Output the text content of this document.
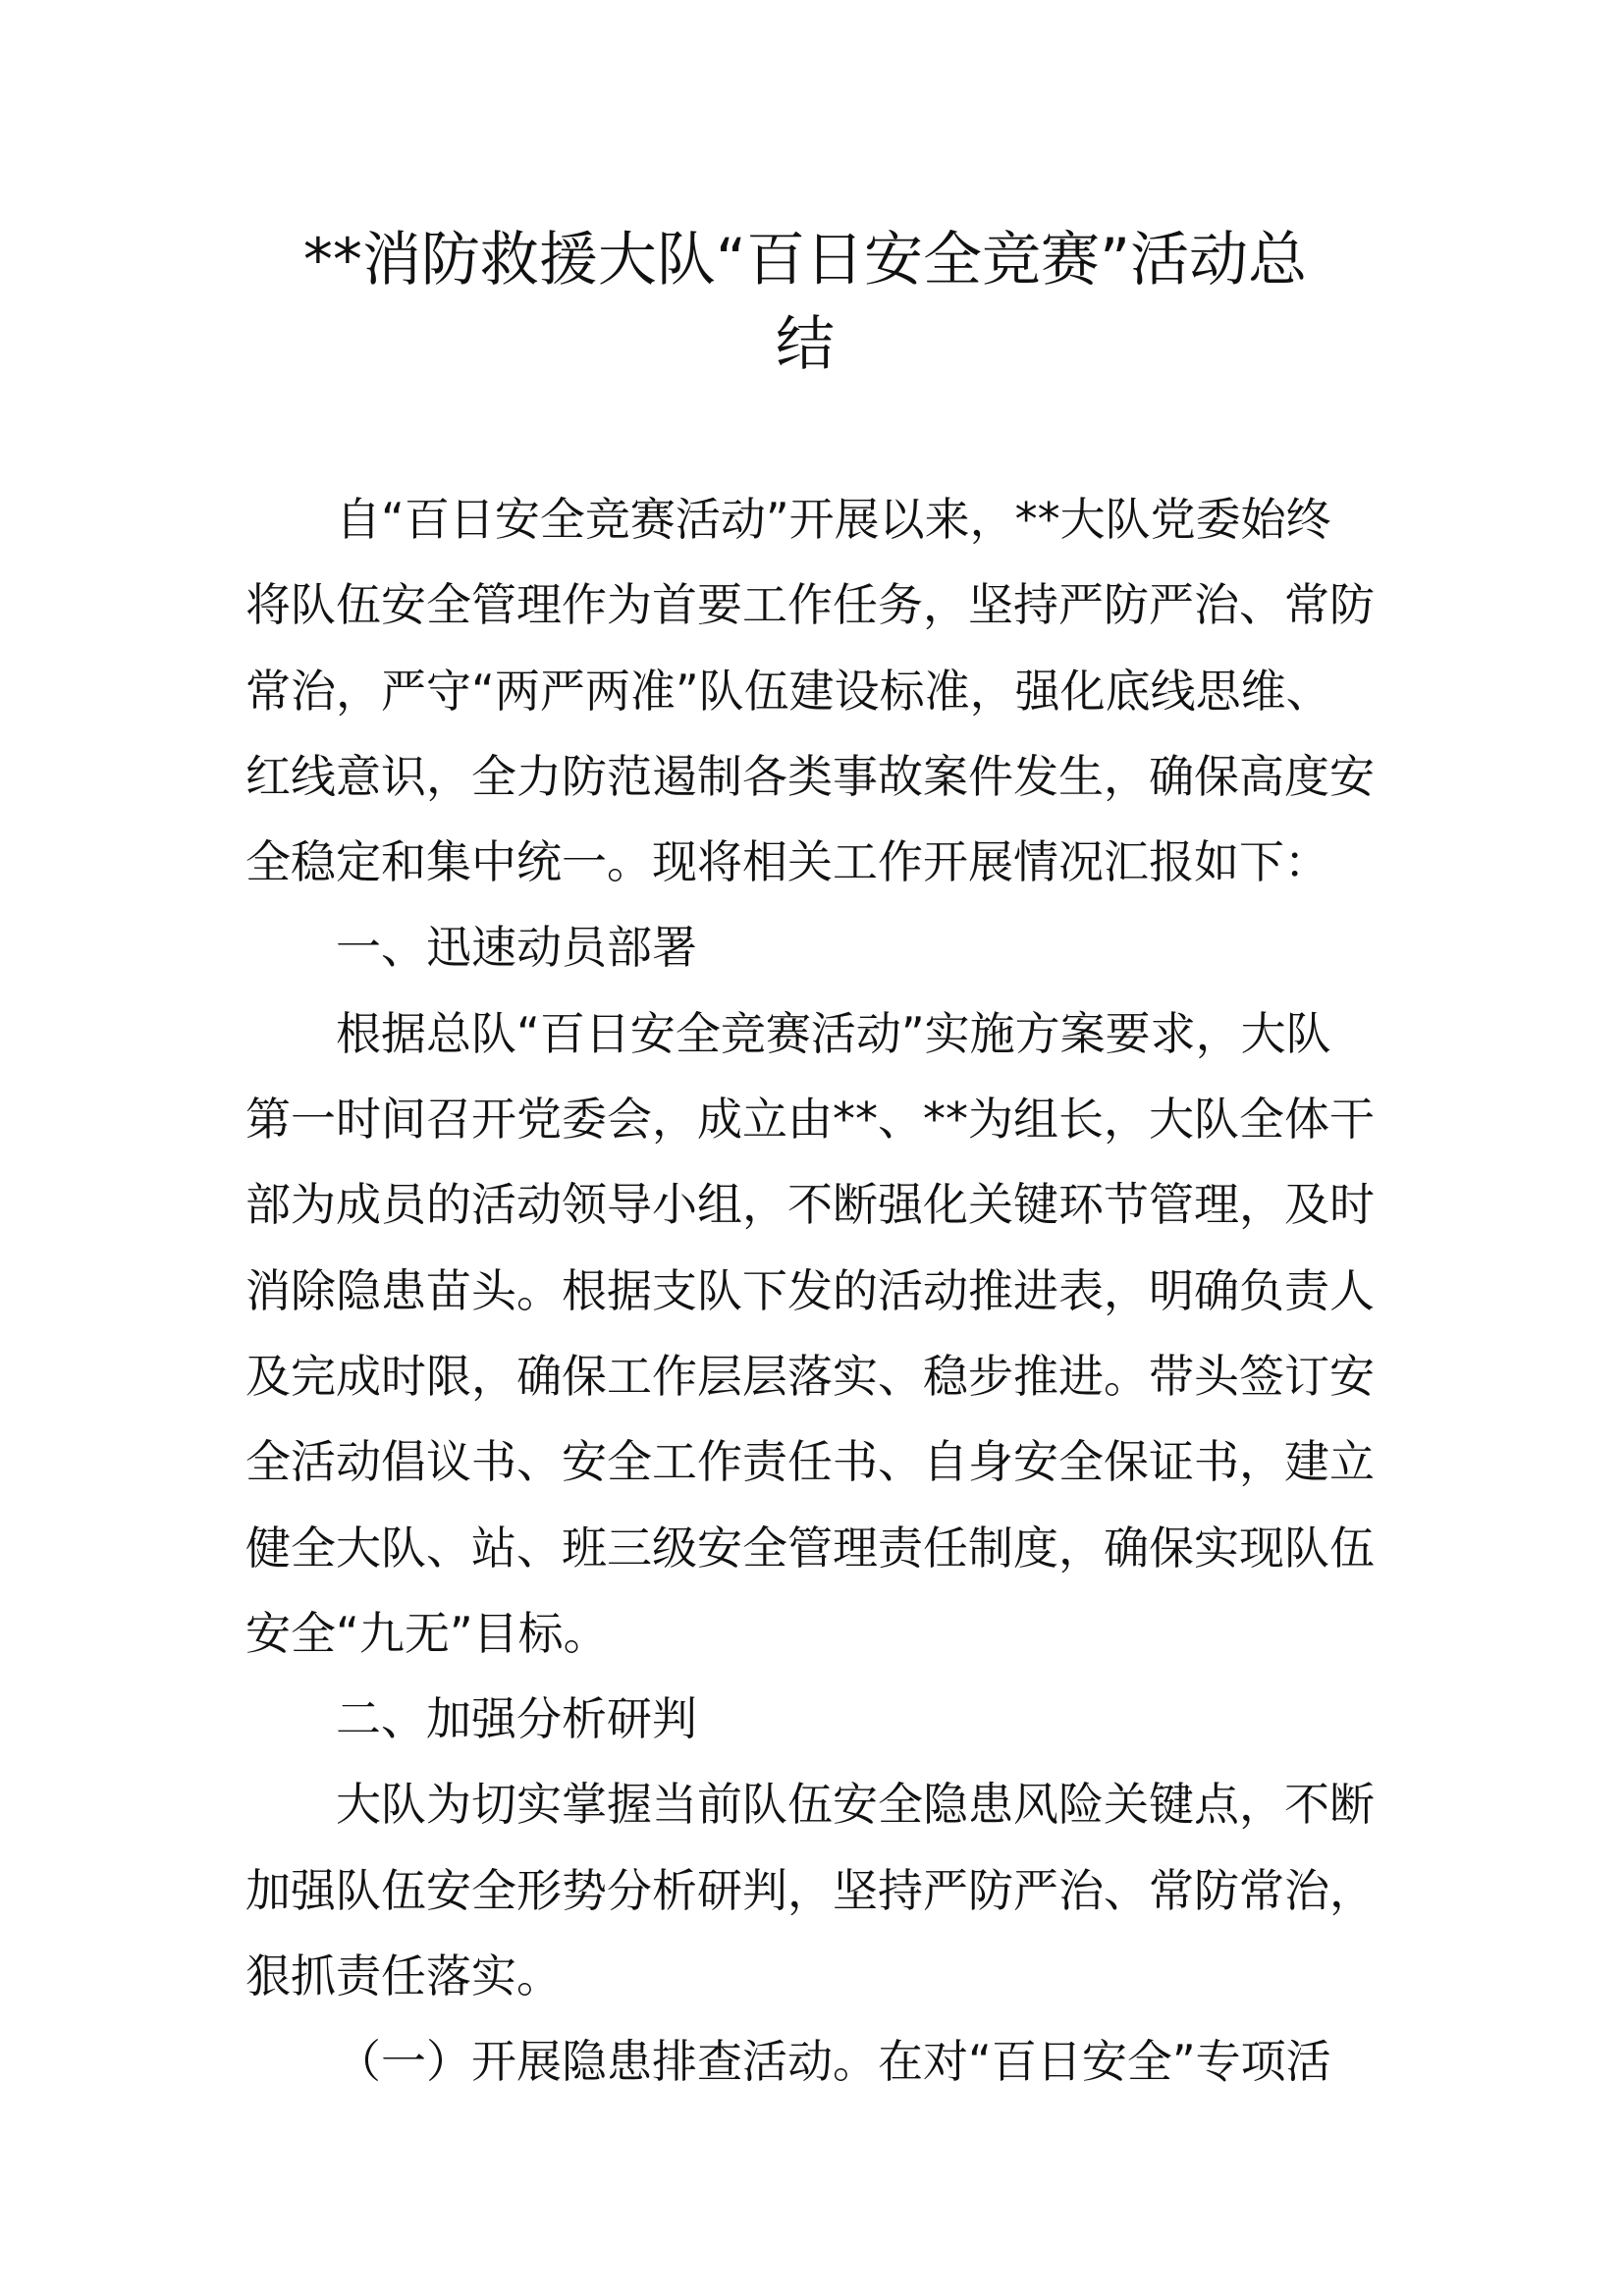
**消防救援大队“百日安全竞赛”活动总
结

自“百日安全竞赛活动”开展以来，**大队党委始终
将队伍安全管理作为首要工作任务，坚持严防严治、常防
常治，严守“两严两准”队伍建设标准，强化底线思维、
红线意识，全力防范遏制各类事故案件发生，确保高度安
全稳定和集中统一。现将相关工作开展情况汇报如下：

一、迅速动员部署

根据总队“百日安全竞赛活动”实施方案要求，大队
第一时间召开党委会，成立由**、**为组长，大队全体干
部为成员的活动领导小组，不断强化关键环节管理，及时
消除隐患苗头。根据支队下发的活动推进表，明确负责人
及完成时限，确保工作层层落实、稳步推进。带头签订安
全活动倡议书、安全工作责任书、自身安全保证书，建立
健全大队、站、班三级安全管理责任制度，确保实现队伍
安全“九无”目标。

二、加强分析研判

大队为切实掌握当前队伍安全隐患风险关键点，不断
加强队伍安全形势分析研判，坚持严防严治、常防常治，
狠抓责任落实。

（一）开展隐患排查活动。在对“百日安全”专项活
